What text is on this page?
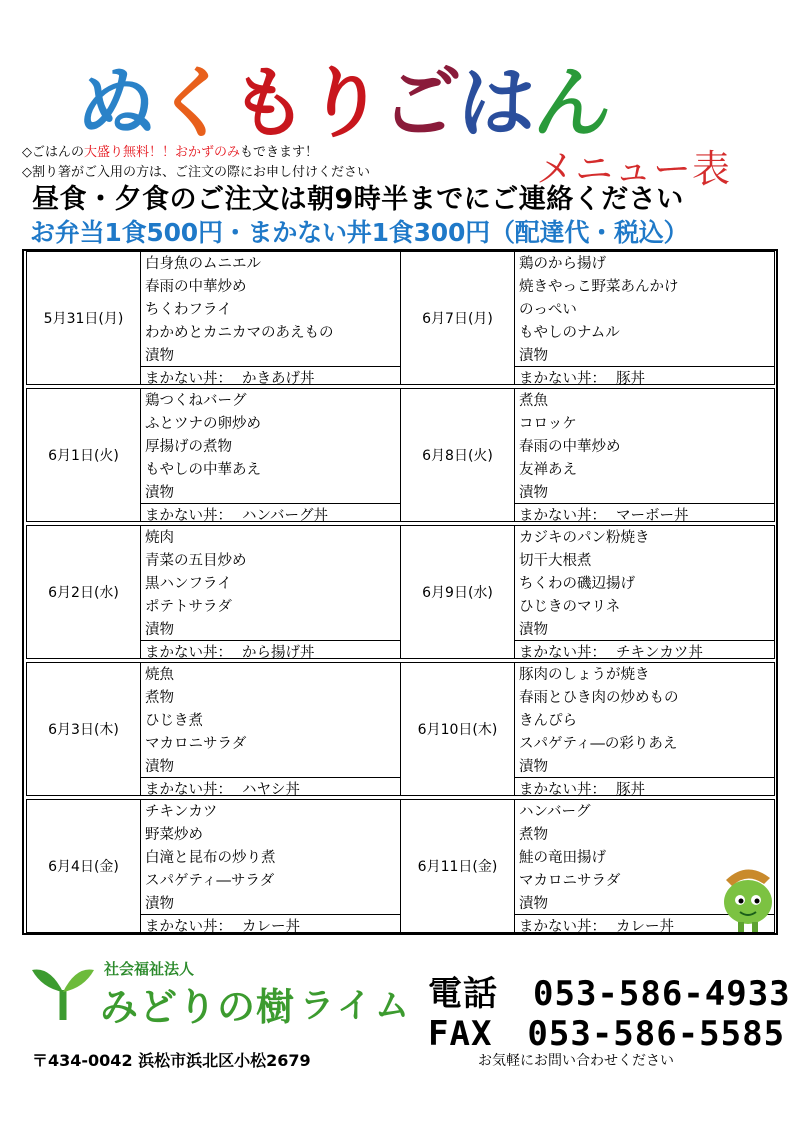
ぬくもりごはん
メニュー表
◇ごはんの大盛り無料！！おかずのみもできます！
◇割り箸がご入用の方は、ご注文の際にお申し付けください
昼食・夕食のご注文は朝9時半までにご連絡ください
お弁当1食500円・まかない丼1食300円（配達代・税込）
5月31日(月)
白身魚のムニエル
春雨の中華炒め
ちくわフライ
わかめとカニカマのあえもの
漬物
まかない丼： かきあげ丼
6月1日(火)
鶏つくねバーグ
ふとツナの卵炒め
厚揚げの煮物
もやしの中華あえ
漬物
まかない丼： ハンバーグ丼
6月2日(水)
焼肉
青菜の五目炒め
黒ハンフライ
ポテトサラダ
漬物
まかない丼： から揚げ丼
6月3日(木)
焼魚
煮物
ひじき煮
マカロニサラダ
漬物
まかない丼： ハヤシ丼
6月4日(金)
チキンカツ
野菜炒め
白滝と昆布の炒り煮
スパゲティ―サラダ
漬物
まかない丼： カレー丼
6月7日(月)
鶏のから揚げ
焼きやっこ野菜あんかけ
のっぺい
もやしのナムル
漬物
まかない丼： 豚丼
6月8日(火)
煮魚
コロッケ
春雨の中華炒め
友禅あえ
漬物
まかない丼： マーボー丼
6月9日(水)
カジキのパン粉焼き
切干大根煮
ちくわの磯辺揚げ
ひじきのマリネ
漬物
まかない丼： チキンカツ丼
6月10日(木)
豚肉のしょうが焼き
春雨とひき肉の炒めもの
きんぴら
スパゲティ―の彩りあえ
漬物
まかない丼： 豚丼
6月11日(金)
ハンバーグ
煮物
鮭の竜田揚げ
マカロニサラダ
漬物
まかない丼： カレー丼
社会福祉法人
みどりの樹 ライム
〒434-0042 浜松市浜北区小松2679
電話　053-586-4933
FAX　053-586-5585
お気軽にお問い合わせください
